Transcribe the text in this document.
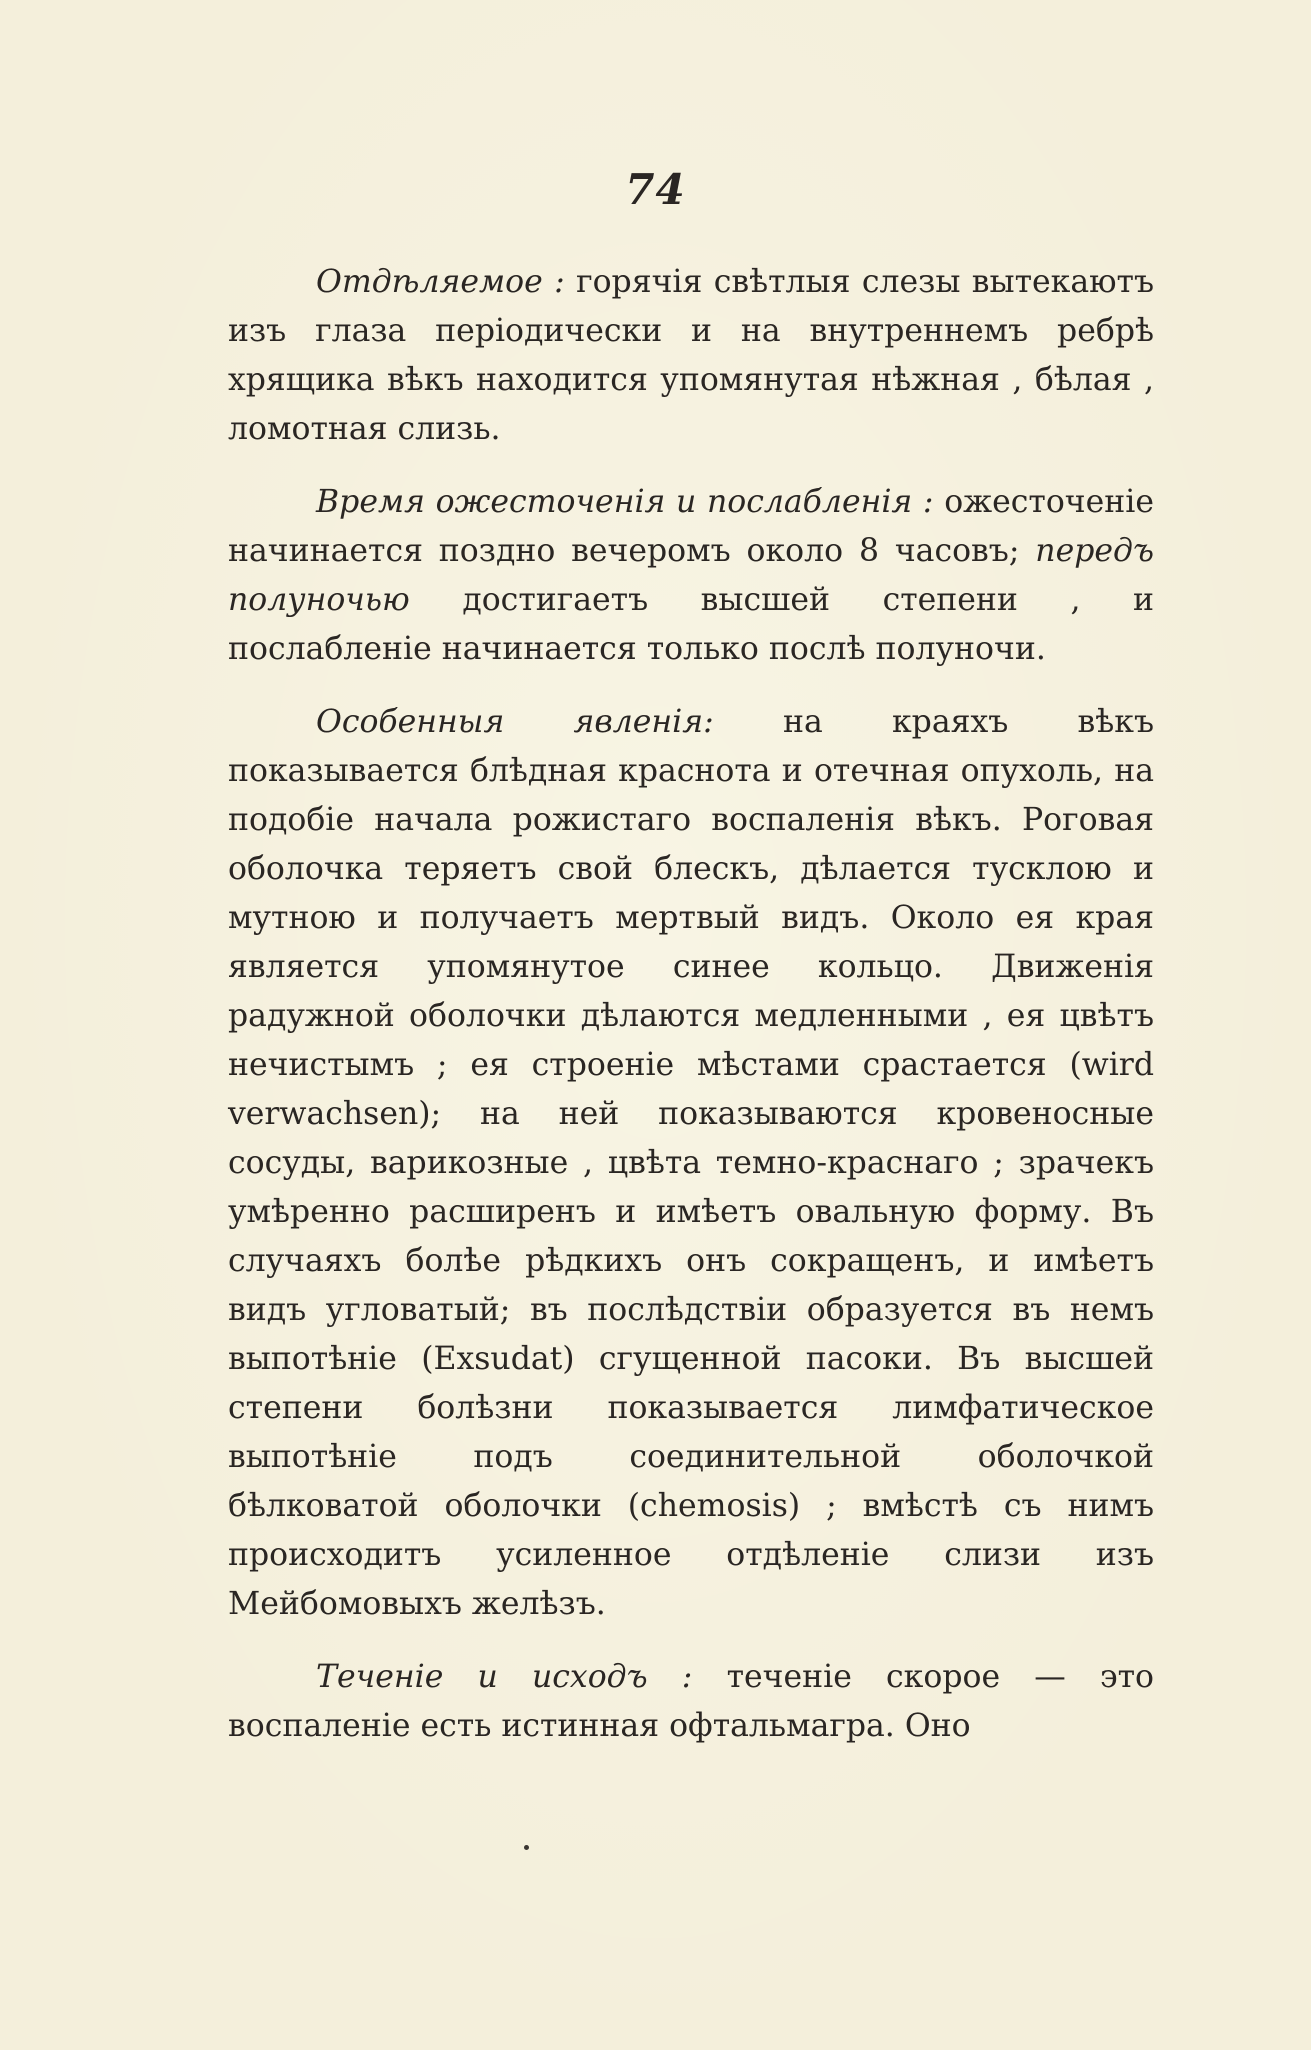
74

Отдѣляемое : горячія свѣтлыя слезы вытекаютъ изъ глаза періодически и на внутреннемъ ребрѣ хрящика вѣкъ находится упомянутая нѣжная , бѣлая , ломотная слизь.

Время ожесточенія и послабленія : ожесточеніе начинается поздно вечеромъ около 8 часовъ; передъ полуночью достигаетъ высшей степени , и послабленіе начинается только послѣ полуночи.

Особенныя явленія: на краяхъ вѣкъ показывается блѣдная краснота и отечная опухоль, на подобіе начала рожистаго воспаленія вѣкъ. Роговая оболочка теряетъ свой блескъ, дѣлается тусклою и мутною и получаетъ мертвый видъ. Около ея края является упомянутое синее кольцо. Движенія радужной оболочки дѣлаются медленными , ея цвѣтъ нечистымъ ; ея строеніе мѣстами срастается (wird verwachsen); на ней показываются кровеносные сосуды, варикозные , цвѣта темно-краснаго ; зрачекъ умѣренно расширенъ и имѣетъ овальную форму. Въ случаяхъ болѣе рѣдкихъ онъ сокращенъ, и имѣетъ видъ угловатый; въ послѣдствіи образуется въ немъ выпотѣніе (Exsudat) сгущенной пасоки. Въ высшей степени болѣзни показывается лимфатическое выпотѣніе подъ соединительной оболочкой бѣлковатой оболочки (chemosis) ; вмѣстѣ съ нимъ происходитъ усиленное отдѣленіе слизи изъ Мейбомовыхъ желѣзъ.

Теченіе и исходъ : теченіе скорое — это воспаленіе есть истинная офтальмагра. Оно
